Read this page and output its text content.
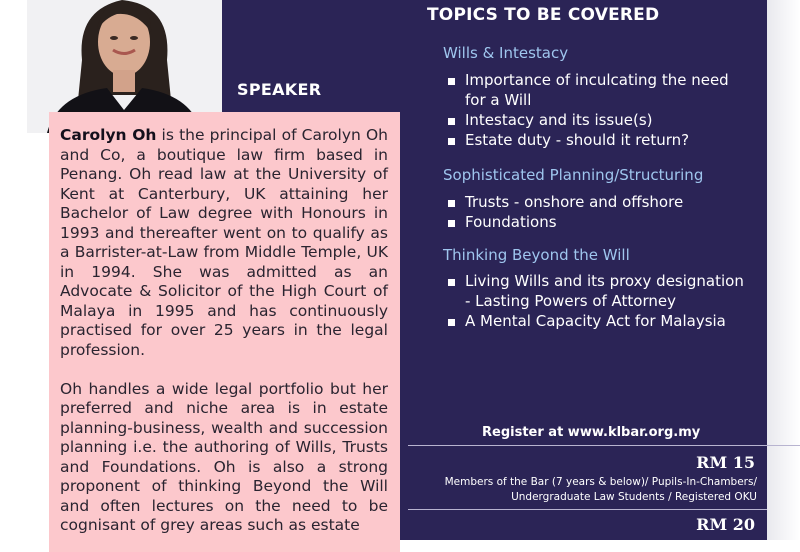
SPEAKER

Carolyn Oh is the principal of Carolyn Oh and Co, a boutique law firm based in Penang. Oh read law at the University of Kent at Canterbury, UK attaining her Bachelor of Law degree with Honours in 1993 and thereafter went on to qualify as a Barrister-at-Law from Middle Temple, UK in 1994. She was admitted as an Advocate & Solicitor of the High Court of Malaya in 1995 and has continuously practised for over 25 years in the legal profession.

Oh handles a wide legal portfolio but her preferred and niche area is in estate planning-business, wealth and succession planning i.e. the authoring of Wills, Trusts and Foundations. Oh is also a strong proponent of thinking Beyond the Will and often lectures on the need to be cognisant of grey areas such as estate

TOPICS TO BE COVERED
Wills & Intestacy
Importance of inculcating the need for a Will
Intestacy and its issue(s)
Estate duty - should it return?
Sophisticated Planning/Structuring
Trusts - onshore and offshore
Foundations
Thinking Beyond the Will
Living Wills and its proxy designation - Lasting Powers of Attorney
A Mental Capacity Act for Malaysia
Register at www.klbar.org.my
RM 15
Members of the Bar (7 years & below)/ Pupils-In-Chambers/ Undergraduate Law Students / Registered OKU
RM 20
